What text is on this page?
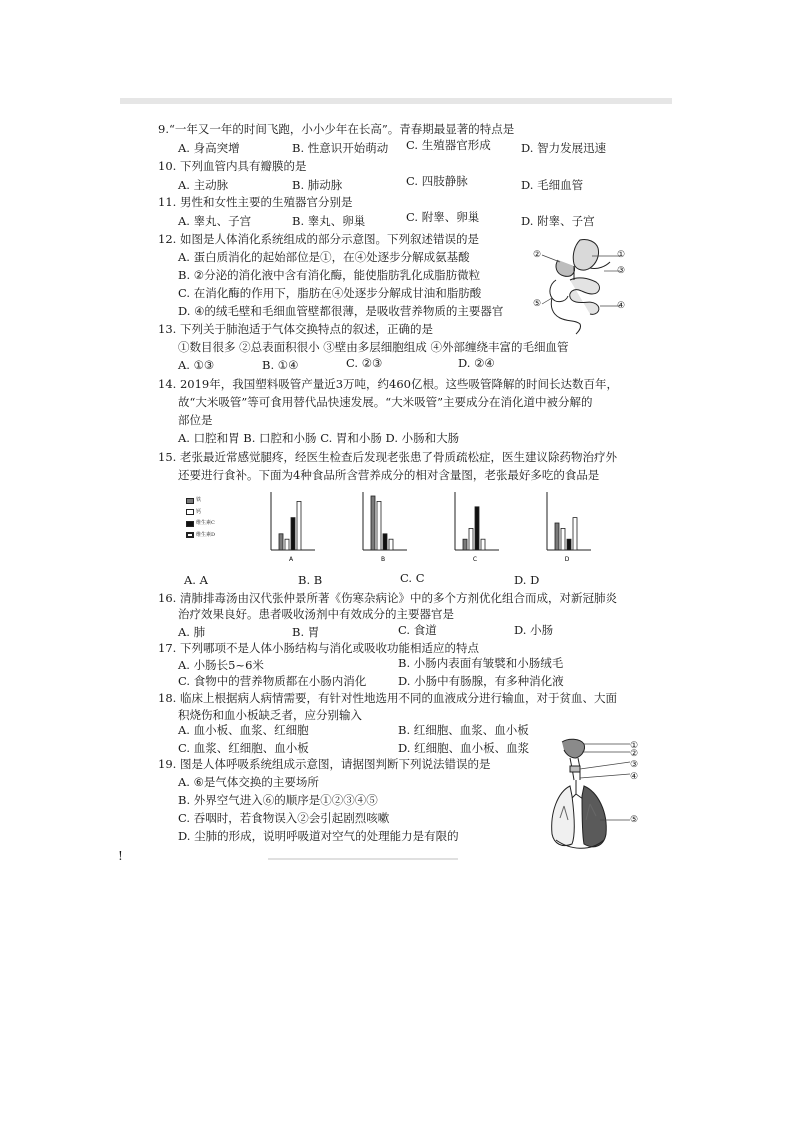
9.“一年又一年的时间飞跑，小小少年在长高”。青春期最显著的特点是
A. 身高突增	B. 性意识开始萌动 C. 生殖器官形成	D. 智力发展迅速
10. 下列血管内具有瓣膜的是
A. 主动脉	B. 肺动脉	C. 四肢静脉	D. 毛细血管
11. 男性和女性主要的生殖器官分别是
A. 睾丸、子宫	B. 睾丸、卵巢	C. 附睾、卵巢	D. 附睾、子宫
12. 如图是人体消化系统组成的部分示意图。下列叙述错误的是
A. 蛋白质消化的起始部位是①，在④处逐步分解成氨基酸
B. ②分泌的消化液中含有消化酶，能使脂肪乳化成脂肪微粒
C. 在消化酶的作用下，脂肪在④处逐步分解成甘油和脂肪酸
D. ④的绒毛壁和毛细血管壁都很薄，是吸收营养物质的主要器官
②	①
③
⑤	④
13. 下列关于肺泡适于气体交换特点的叙述，正确的是
①数目很多 ②总表面积很小 ③壁由多层细胞组成 ④外部缠绕丰富的毛细血管
A. ①③	B. ①④	C. ②③	D. ②④
14. 2019年，我国塑料吸管产量近3万吨，约460亿根。这些吸管降解的时间长达数百年，
故“大米吸管”等可食用替代品快速发展。“大米吸管”主要成分在消化道中被分解的
部位是
A. 口腔和胃 B. 口腔和小肠 C. 胃和小肠 D. 小肠和大肠
15. 老张最近常感觉腿疼，经医生检查后发现老张患了骨质疏松症，医生建议除药物治疗外
还要进行食补。下面为4种食品所含营养成分的相对含量图，老张最好多吃的食品是
铁
钙
维生素C
维生素D
A	B	C	D
A. A	B. B	C. C	D. D
16. 清肺排毒汤由汉代张仲景所著《伤寒杂病论》中的多个方剂优化组合而成，对新冠肺炎
治疗效果良好。患者吸收汤剂中有效成分的主要器官是
A. 肺	B. 胃	C. 食道	D. 小肠
17. 下列哪项不是人体小肠结构与消化或吸收功能相适应的特点
A. 小肠长5~6米	B. 小肠内表面有皱襞和小肠绒毛
C. 食物中的营养物质都在小肠内消化	D. 小肠中有肠腺，有多种消化液
18. 临床上根据病人病情需要，有针对性地选用不同的血液成分进行输血，对于贫血、大面
积烧伤和血小板缺乏者，应分别输入
A. 血小板、血浆、红细胞	B. 红细胞、血浆、血小板
C. 血浆、红细胞、血小板	D. 红细胞、血小板、血浆
19. 图是人体呼吸系统组成示意图，请据图判断下列说法错误的是
A. ⑥是气体交换的主要场所
B. 外界空气进入⑥的顺序是①②③④⑤
C. 吞咽时，若食物误入②会引起剧烈咳嗽
D. 尘肺的形成，说明呼吸道对空气的处理能力是有限的
①
②
③
④
⑤
!
